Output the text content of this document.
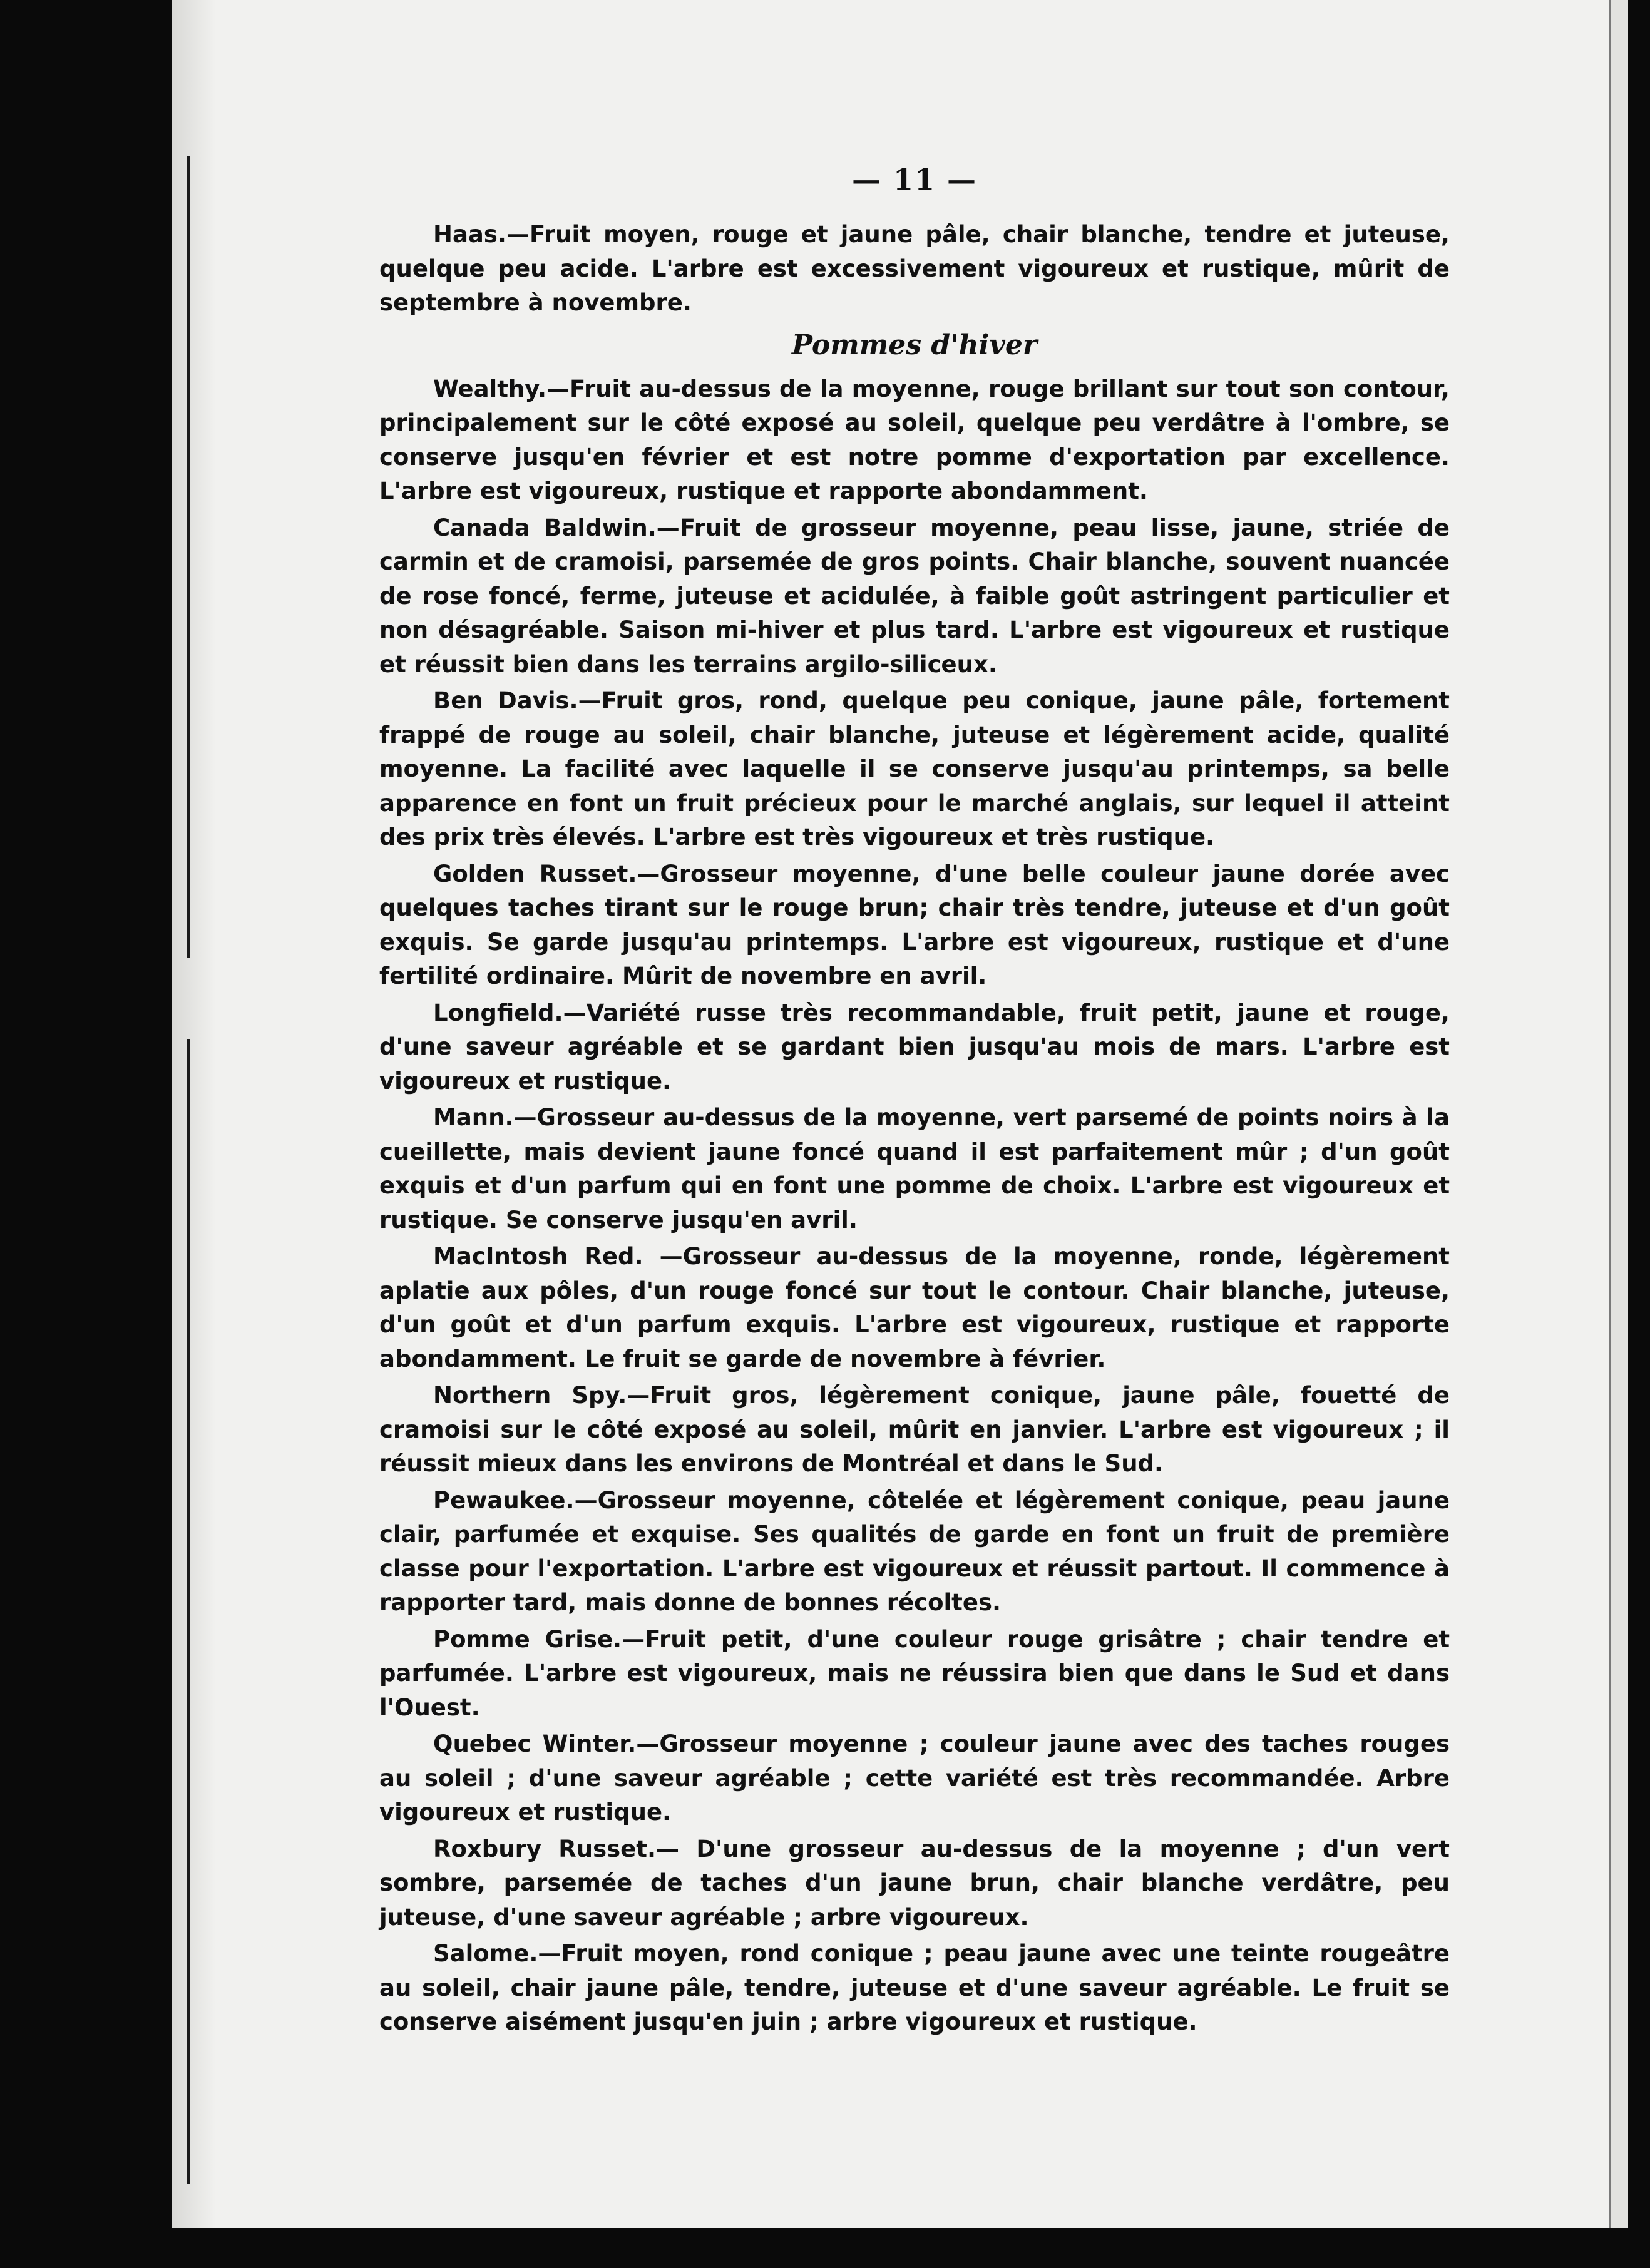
— 11 —

Haas.—Fruit moyen, rouge et jaune pâle, chair blanche, tendre et juteuse, quelque peu acide. L'arbre est excessivement vigoureux et rustique, mûrit de septembre à novembre.

Pommes d'hiver

Wealthy.—Fruit au-dessus de la moyenne, rouge brillant sur tout son contour, principalement sur le côté exposé au soleil, quelque peu verdâtre à l'ombre, se conserve jusqu'en février et est notre pomme d'exportation par excellence. L'arbre est vigoureux, rustique et rapporte abondamment.

Canada Baldwin.—Fruit de grosseur moyenne, peau lisse, jaune, striée de carmin et de cramoisi, parsemée de gros points. Chair blanche, souvent nuancée de rose foncé, ferme, juteuse et acidulée, à faible goût astringent particulier et non désagréable. Saison mi-hiver et plus tard. L'arbre est vigoureux et rustique et réussit bien dans les terrains argilo-siliceux.

Ben Davis.—Fruit gros, rond, quelque peu conique, jaune pâle, fortement frappé de rouge au soleil, chair blanche, juteuse et légèrement acide, qualité moyenne. La facilité avec laquelle il se conserve jusqu'au printemps, sa belle apparence en font un fruit précieux pour le marché anglais, sur lequel il atteint des prix très élevés. L'arbre est très vigoureux et très rustique.

Golden Russet.—Grosseur moyenne, d'une belle couleur jaune dorée avec quelques taches tirant sur le rouge brun; chair très tendre, juteuse et d'un goût exquis. Se garde jusqu'au printemps. L'arbre est vigoureux, rustique et d'une fertilité ordinaire. Mûrit de novembre en avril.

Longfield.—Variété russe très recommandable, fruit petit, jaune et rouge, d'une saveur agréable et se gardant bien jusqu'au mois de mars. L'arbre est vigoureux et rustique.

Mann.—Grosseur au-dessus de la moyenne, vert parsemé de points noirs à la cueillette, mais devient jaune foncé quand il est parfaitement mûr ; d'un goût exquis et d'un parfum qui en font une pomme de choix. L'arbre est vigoureux et rustique. Se conserve jusqu'en avril.

MacIntosh Red. —Grosseur au-dessus de la moyenne, ronde, légèrement aplatie aux pôles, d'un rouge foncé sur tout le contour. Chair blanche, juteuse, d'un goût et d'un parfum exquis. L'arbre est vigoureux, rustique et rapporte abondamment. Le fruit se garde de novembre à février.

Northern Spy.—Fruit gros, légèrement conique, jaune pâle, fouetté de cramoisi sur le côté exposé au soleil, mûrit en janvier. L'arbre est vigoureux ; il réussit mieux dans les environs de Montréal et dans le Sud.

Pewaukee.—Grosseur moyenne, côtelée et légèrement conique, peau jaune clair, parfumée et exquise. Ses qualités de garde en font un fruit de première classe pour l'exportation. L'arbre est vigoureux et réussit partout. Il commence à rapporter tard, mais donne de bonnes récoltes.

Pomme Grise.—Fruit petit, d'une couleur rouge grisâtre ; chair tendre et parfumée. L'arbre est vigoureux, mais ne réussira bien que dans le Sud et dans l'Ouest.

Quebec Winter.—Grosseur moyenne ; couleur jaune avec des taches rouges au soleil ; d'une saveur agréable ; cette variété est très recommandée. Arbre vigoureux et rustique.

Roxbury Russet.— D'une grosseur au-dessus de la moyenne ; d'un vert sombre, parsemée de taches d'un jaune brun, chair blanche verdâtre, peu juteuse, d'une saveur agréable ; arbre vigoureux.

Salome.—Fruit moyen, rond conique ; peau jaune avec une teinte rougeâtre au soleil, chair jaune pâle, tendre, juteuse et d'une saveur agréable. Le fruit se conserve aisément jusqu'en juin ; arbre vigoureux et rustique.
